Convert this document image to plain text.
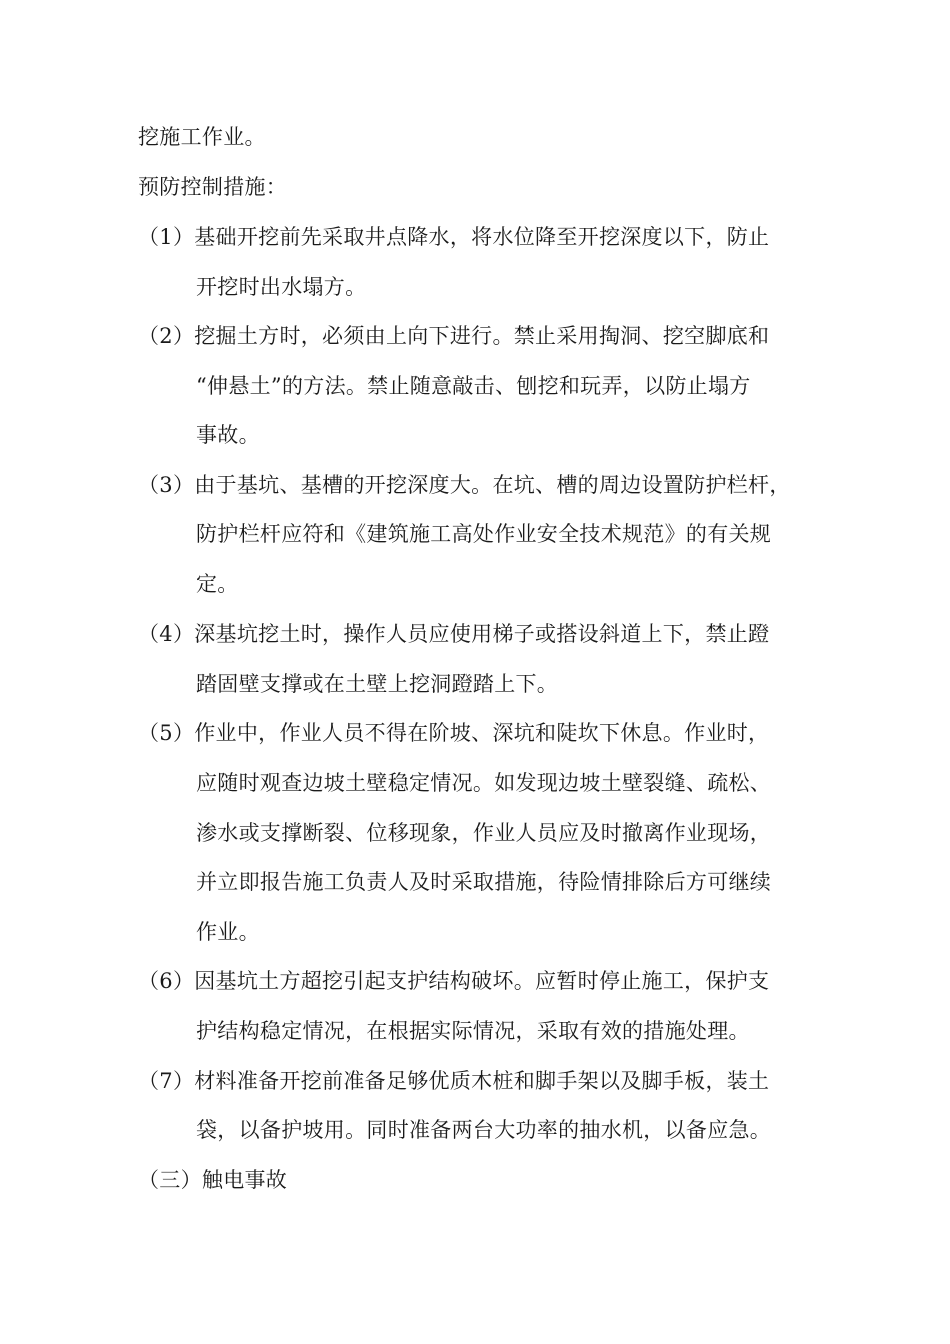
挖施工作业。
预防控制措施：
（1）基础开挖前先采取井点降水，将水位降至开挖深度以下，防止
开挖时出水塌方。
（2）挖掘土方时，必须由上向下进行。禁止采用掏洞、挖空脚底和
“伸悬土”的方法。禁止随意敲击、刨挖和玩弄，以防止塌方
事故。
（3）由于基坑、基槽的开挖深度大。在坑、槽的周边设置防护栏杆，
防护栏杆应符和《建筑施工高处作业安全技术规范》的有关规
定。
（4）深基坑挖土时，操作人员应使用梯子或搭设斜道上下，禁止蹬
踏固壁支撑或在土壁上挖洞蹬踏上下。
（5）作业中，作业人员不得在阶坡、深坑和陡坎下休息。作业时，
应随时观查边坡土壁稳定情况。如发现边坡土壁裂缝、疏松、
渗水或支撑断裂、位移现象，作业人员应及时撤离作业现场，
并立即报告施工负责人及时采取措施，待险情排除后方可继续
作业。
（6）因基坑土方超挖引起支护结构破坏。应暂时停止施工，保护支
护结构稳定情况，在根据实际情况，采取有效的措施处理。
（7）材料准备开挖前准备足够优质木桩和脚手架以及脚手板，装土
袋，以备护坡用。同时准备两台大功率的抽水机，以备应急。
（三）触电事故
